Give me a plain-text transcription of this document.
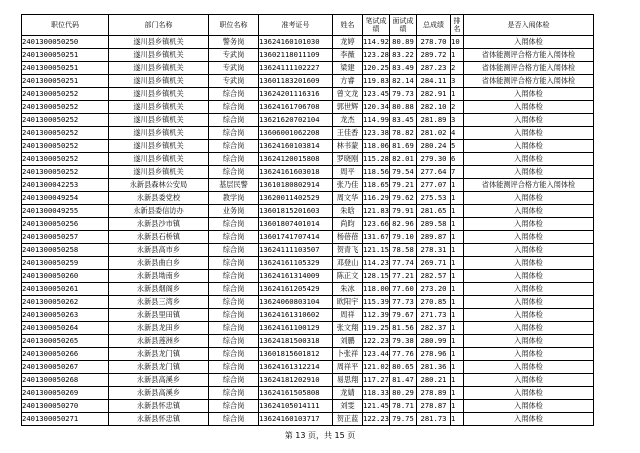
职位代码	部门名称	职位名称	准考证号	姓名	笔试成绩	面试成绩	总成绩	排名	是否入闱体检
2401300050250	遂川县乡镇机关	警务岗	13624160101030	龙婷	114.92	80.89	278.70	10	入闱体检
2401300050251	遂川县乡镇机关	专武岗	13602118011109	李薇	123.28	83.22	289.72	1	省体能测评合格方能入闱体检
2401300050251	遂川县乡镇机关	专武岗	13624111102227	梁建	120.25	83.49	287.23	2	省体能测评合格方能入闱体检
2401300050251	遂川县乡镇机关	专武岗	13601183201609	方睿	119.83	82.14	284.11	3	省体能测评合格方能入闱体检
2401300050252	遂川县乡镇机关	综合岗	13624201116316	曾文龙	123.45	79.73	282.91	1	入闱体检
2401300050252	遂川县乡镇机关	综合岗	13624161706708	郭世辉	120.34	80.88	282.10	2	入闱体检
2401300050252	遂川县乡镇机关	综合岗	13621620702104	龙杰	114.99	83.45	281.89	3	入闱体检
2401300050252	遂川县乡镇机关	综合岗	13606001062208	王佳香	123.38	78.82	281.02	4	入闱体检
2401300050252	遂川县乡镇机关	综合岗	13624160103814	林书蒙	118.06	81.69	280.24	5	入闱体检
2401300050252	遂川县乡镇机关	综合岗	13624120015808	罗晓刚	115.28	82.01	279.30	6	入闱体检
2401300050252	遂川县乡镇机关	综合岗	13624161603018	周平	118.56	79.54	277.64	7	入闱体检
2401300042253	永新县森林公安局	基层民警	13610180802914	张乃佳	118.65	79.21	277.07	1	省体能测评合格方能入闱体检
2401300049254	永新县委党校	教学岗	13620011402529	周文华	116.29	79.62	275.53	1	入闱体检
2401300049255	永新县委信访办	业务岗	13601815201603	朱晗	121.83	79.91	281.65	1	入闱体检
2401300050256	永新县沙市镇	综合岗	13601807401014	尚昀	123.66	82.96	289.58	1	入闱体检
2401300050257	永新县石桥镇	综合岗	13601741707414	杨蓓蓓	131.67	79.10	289.87	1	入闱体检
2401300050258	永新县高市乡	综合岗	13624111103507	贺青飞	121.15	78.58	278.31	1	入闱体检
2401300050259	永新县曲白乡	综合岗	13624161105329	邓登山	114.23	77.74	269.71	1	入闱体检
2401300050260	永新县坳南乡	综合岗	13624161314009	陈正文	128.15	77.21	282.57	1	入闱体检
2401300050261	永新县烟阁乡	综合岗	13624161205429	朱冰	118.00	77.60	273.20	1	入闱体检
2401300050262	永新县三湾乡	综合岗	13624060803104	欧阳宇	115.39	77.73	270.85	1	入闱体检
2401300050263	永新县里田镇	综合岗	13624161310602	周祥	112.39	79.67	271.73	1	入闱体检
2401300050264	永新县龙田乡	综合岗	13624161100129	张文翔	119.25	81.56	282.37	1	入闱体检
2401300050265	永新县莲洲乡	综合岗	13624181500318	刘鹏	122.23	79.38	280.99	1	入闱体检
2401300050266	永新县龙门镇	综合岗	13601815601812	卜张祥	123.44	77.76	278.96	1	入闱体检
2401300050267	永新县龙门镇	综合岗	13624161312214	周祥平	121.02	80.65	281.36	1	入闱体检
2401300050268	永新县高溪乡	综合岗	13624181202910	易思翔	117.27	81.47	280.21	1	入闱体检
2401300050269	永新县高溪乡	综合岗	13624161505808	龙婧	118.33	80.29	278.89	1	入闱体检
2401300050270	永新县怀忠镇	综合岗	13624105014111	刘雯	121.45	78.71	278.87	1	入闱体检
2401300050271	永新县怀忠镇	综合岗	13624160103717	贺正蓝	122.23	79.75	281.73	1	入闱体检
第 13 页，共 15 页
